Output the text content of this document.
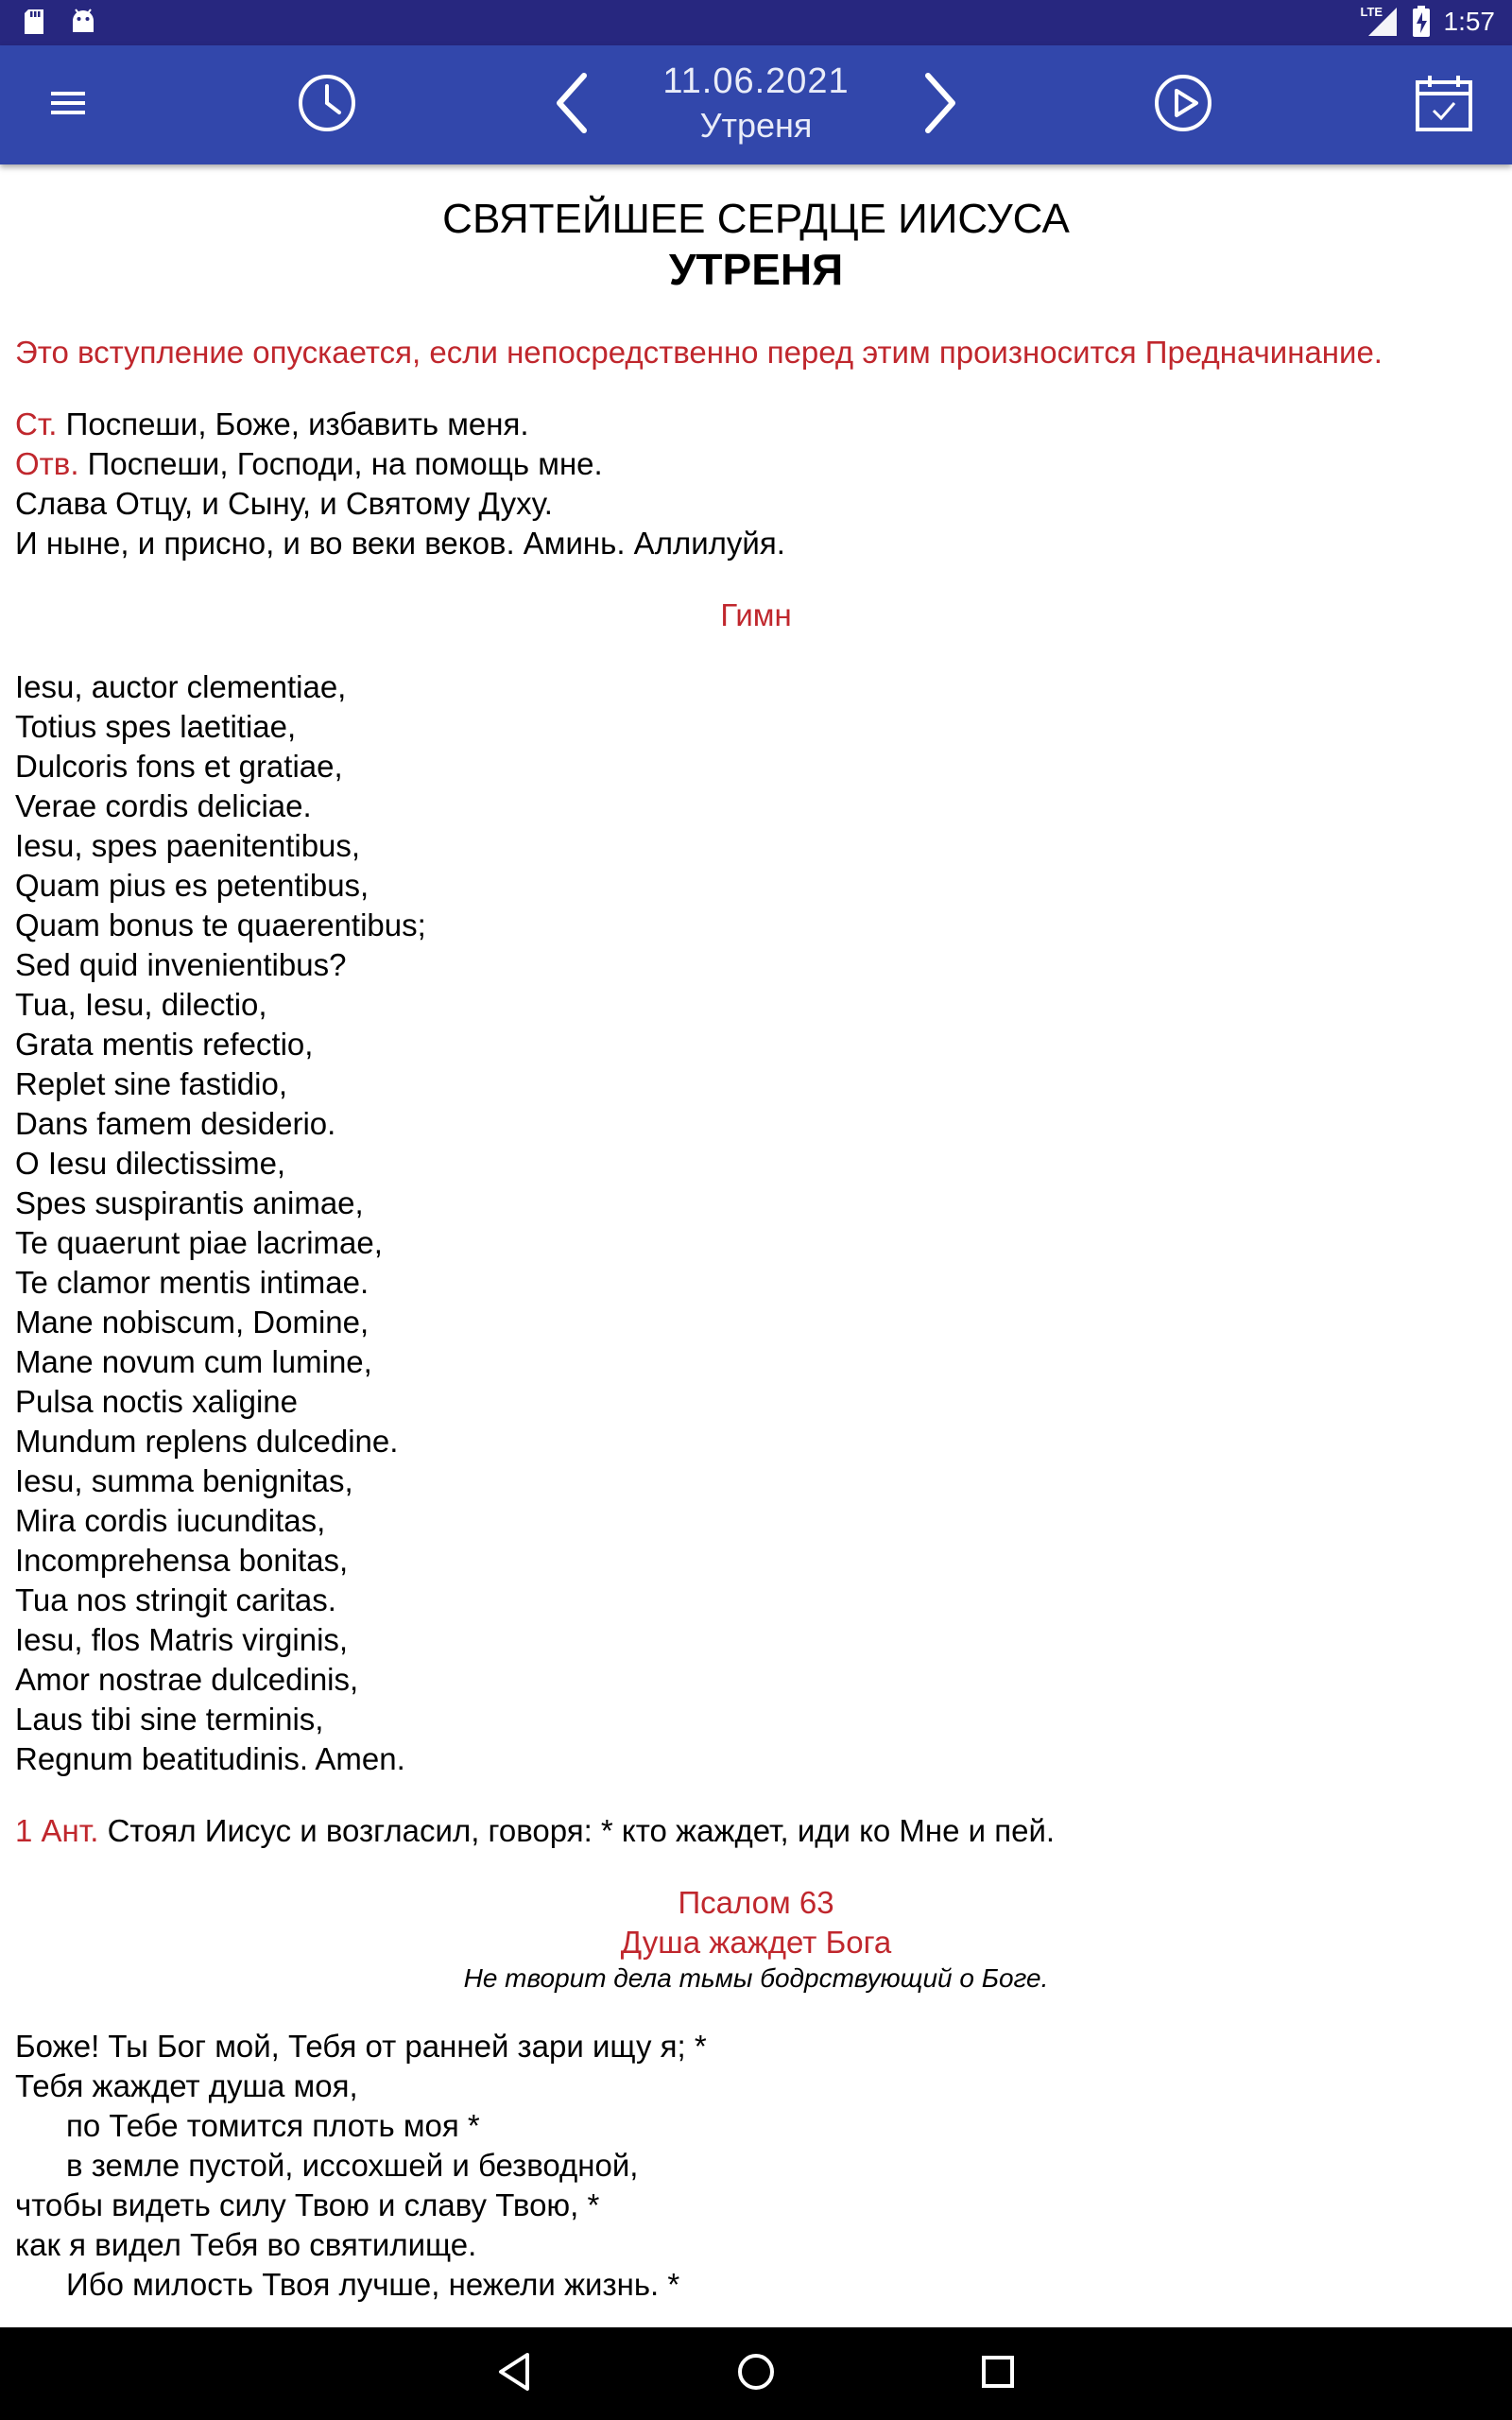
LTE 1:57
11.06.2021
Утреня
СВЯТЕЙШЕЕ СЕРДЦЕ ИИСУСА
УТРЕНЯ

Это вступление опускается, если непосредственно перед этим произносится Предначинание.

Ст. Поспеши, Боже, избавить меня.
Отв. Поспеши, Господи, на помощь мне.
Слава Отцу, и Сыну, и Святому Духу.
И ныне, и присно, и во веки веков. Аминь. Аллилуйя.
Гимн
Iesu, auctor clementiae,
Totius spes laetitiae,
Dulcoris fons et gratiae,
Verae cordis deliciae.
Iesu, spes paenitentibus,
Quam pius es petentibus,
Quam bonus te quaerentibus;
Sed quid invenientibus?
Tua, Iesu, dilectio,
Grata mentis refectio,
Replet sine fastidio,
Dans famem desiderio.
O Iesu dilectissime,
Spes suspirantis animae,
Te quaerunt piae lacrimae,
Te clamor mentis intimae.
Mane nobiscum, Domine,
Mane novum cum lumine,
Pulsa noctis xaligine
Mundum replens dulcedine.
Iesu, summa benignitas,
Mira cordis iucunditas,
Incomprehensa bonitas,
Tua nos stringit caritas.
Iesu, flos Matris virginis,
Amor nostrae dulcedinis,
Laus tibi sine terminis,
Regnum beatitudinis. Amen.
1 Ант. Стоял Иисус и возгласил, говоря: * кто жаждет, иди ко Мне и пей.
Псалом 63
Душа жаждет Бога
Не творит дела тьмы бодрствующий о Боге.
Боже! Ты Бог мой, Тебя от ранней зари ищу я; *
Тебя жаждет душа моя,
по Тебе томится плоть моя *
в земле пустой, иссохшей и безводной,
чтобы видеть силу Твою и славу Твою, *
как я видел Тебя во святилище.
Ибо милость Твоя лучше, нежели жизнь. *
